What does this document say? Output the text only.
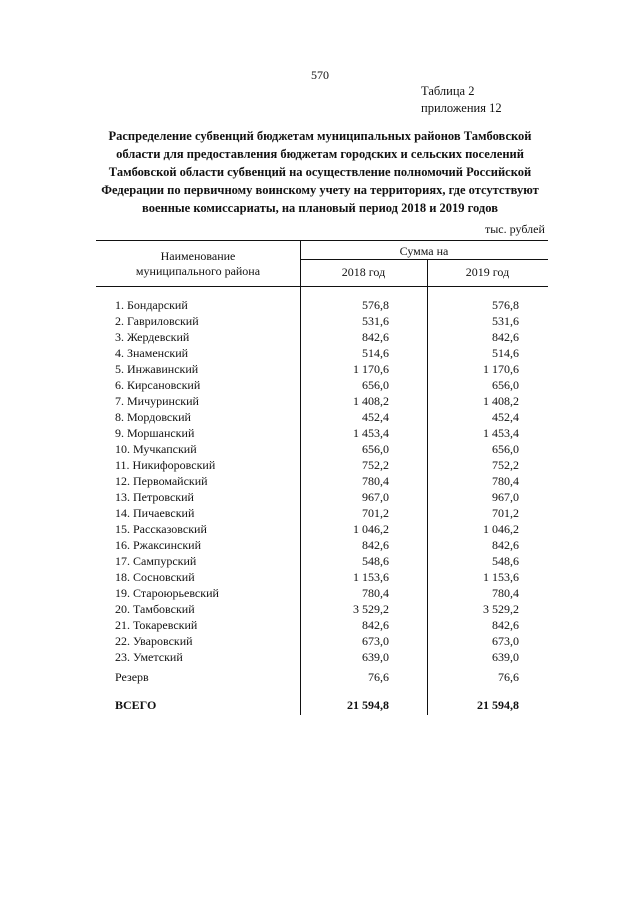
570
Таблица 2
приложения 12
Распределение субвенций бюджетам муниципальных районов Тамбовской
области для предоставления бюджетам городских и сельских поселений
Тамбовской области субвенций на осуществление полномочий Российской
Федерации по первичному воинскому учету на территориях, где отсутствуют
военные комиссариаты, на плановый период 2018 и 2019 годов
тыс. рублей
Наименование
муниципального района
Сумма на
2018 год	2019 год
1. Бондарский	576,8	576,8
2. Гавриловский	531,6	531,6
3. Жердевский	842,6	842,6
4. Знаменский	514,6	514,6
5. Инжавинский	1 170,6	1 170,6
6. Кирсановский	656,0	656,0
7. Мичуринский	1 408,2	1 408,2
8. Мордовский	452,4	452,4
9. Моршанский	1 453,4	1 453,4
10. Мучкапский	656,0	656,0
11. Никифоровский	752,2	752,2
12. Первомайский	780,4	780,4
13. Петровский	967,0	967,0
14. Пичаевский	701,2	701,2
15. Рассказовский	1 046,2	1 046,2
16. Ржаксинский	842,6	842,6
17. Сампурский	548,6	548,6
18. Сосновский	1 153,6	1 153,6
19. Староюрьевский	780,4	780,4
20. Тамбовский	3 529,2	3 529,2
21. Токаревский	842,6	842,6
22. Уваровский	673,0	673,0
23. Уметский	639,0	639,0
Резерв	76,6	76,6
ВСЕГО	21 594,8	21 594,8
